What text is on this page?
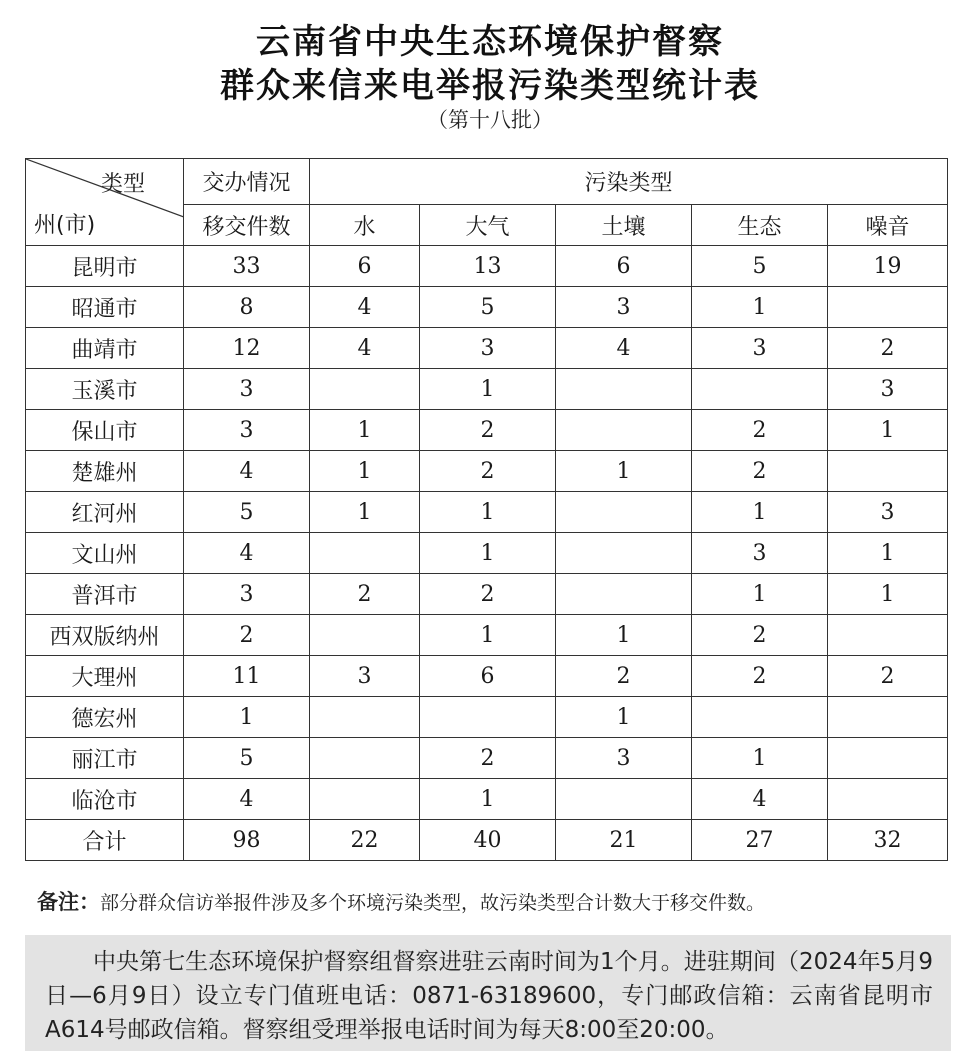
云南省中央生态环境保护督察
群众来信来电举报污染类型统计表
（第十八批）
类型
州(市)	交办情况	污染类型				
	移交件数	水	大气	土壤	生态	噪音
昆明市	33	6	13	6	5	19
昭通市	8	4	5	3	1	
曲靖市	12	4	3	4	3	2
玉溪市	3		1			3
保山市	3	1	2		2	1
楚雄州	4	1	2	1	2	
红河州	5	1	1		1	3
文山州	4		1		3	1
普洱市	3	2	2		1	1
西双版纳州	2		1	1	2	
大理州	11	3	6	2	2	2
德宏州	1			1		
丽江市	5		2	3	1	
临沧市	4		1		4	
合计	98	22	40	21	27	32
备注：部分群众信访举报件涉及多个环境污染类型，故污染类型合计数大于移交件数。
中央第七生态环境保护督察组督察进驻云南时间为1个月。进驻期间（2024年5月9日—6月9日）设立专门值班电话：0871-63189600，专门邮政信箱：云南省昆明市A614号邮政信箱。督察组受理举报电话时间为每天8:00至20:00。
